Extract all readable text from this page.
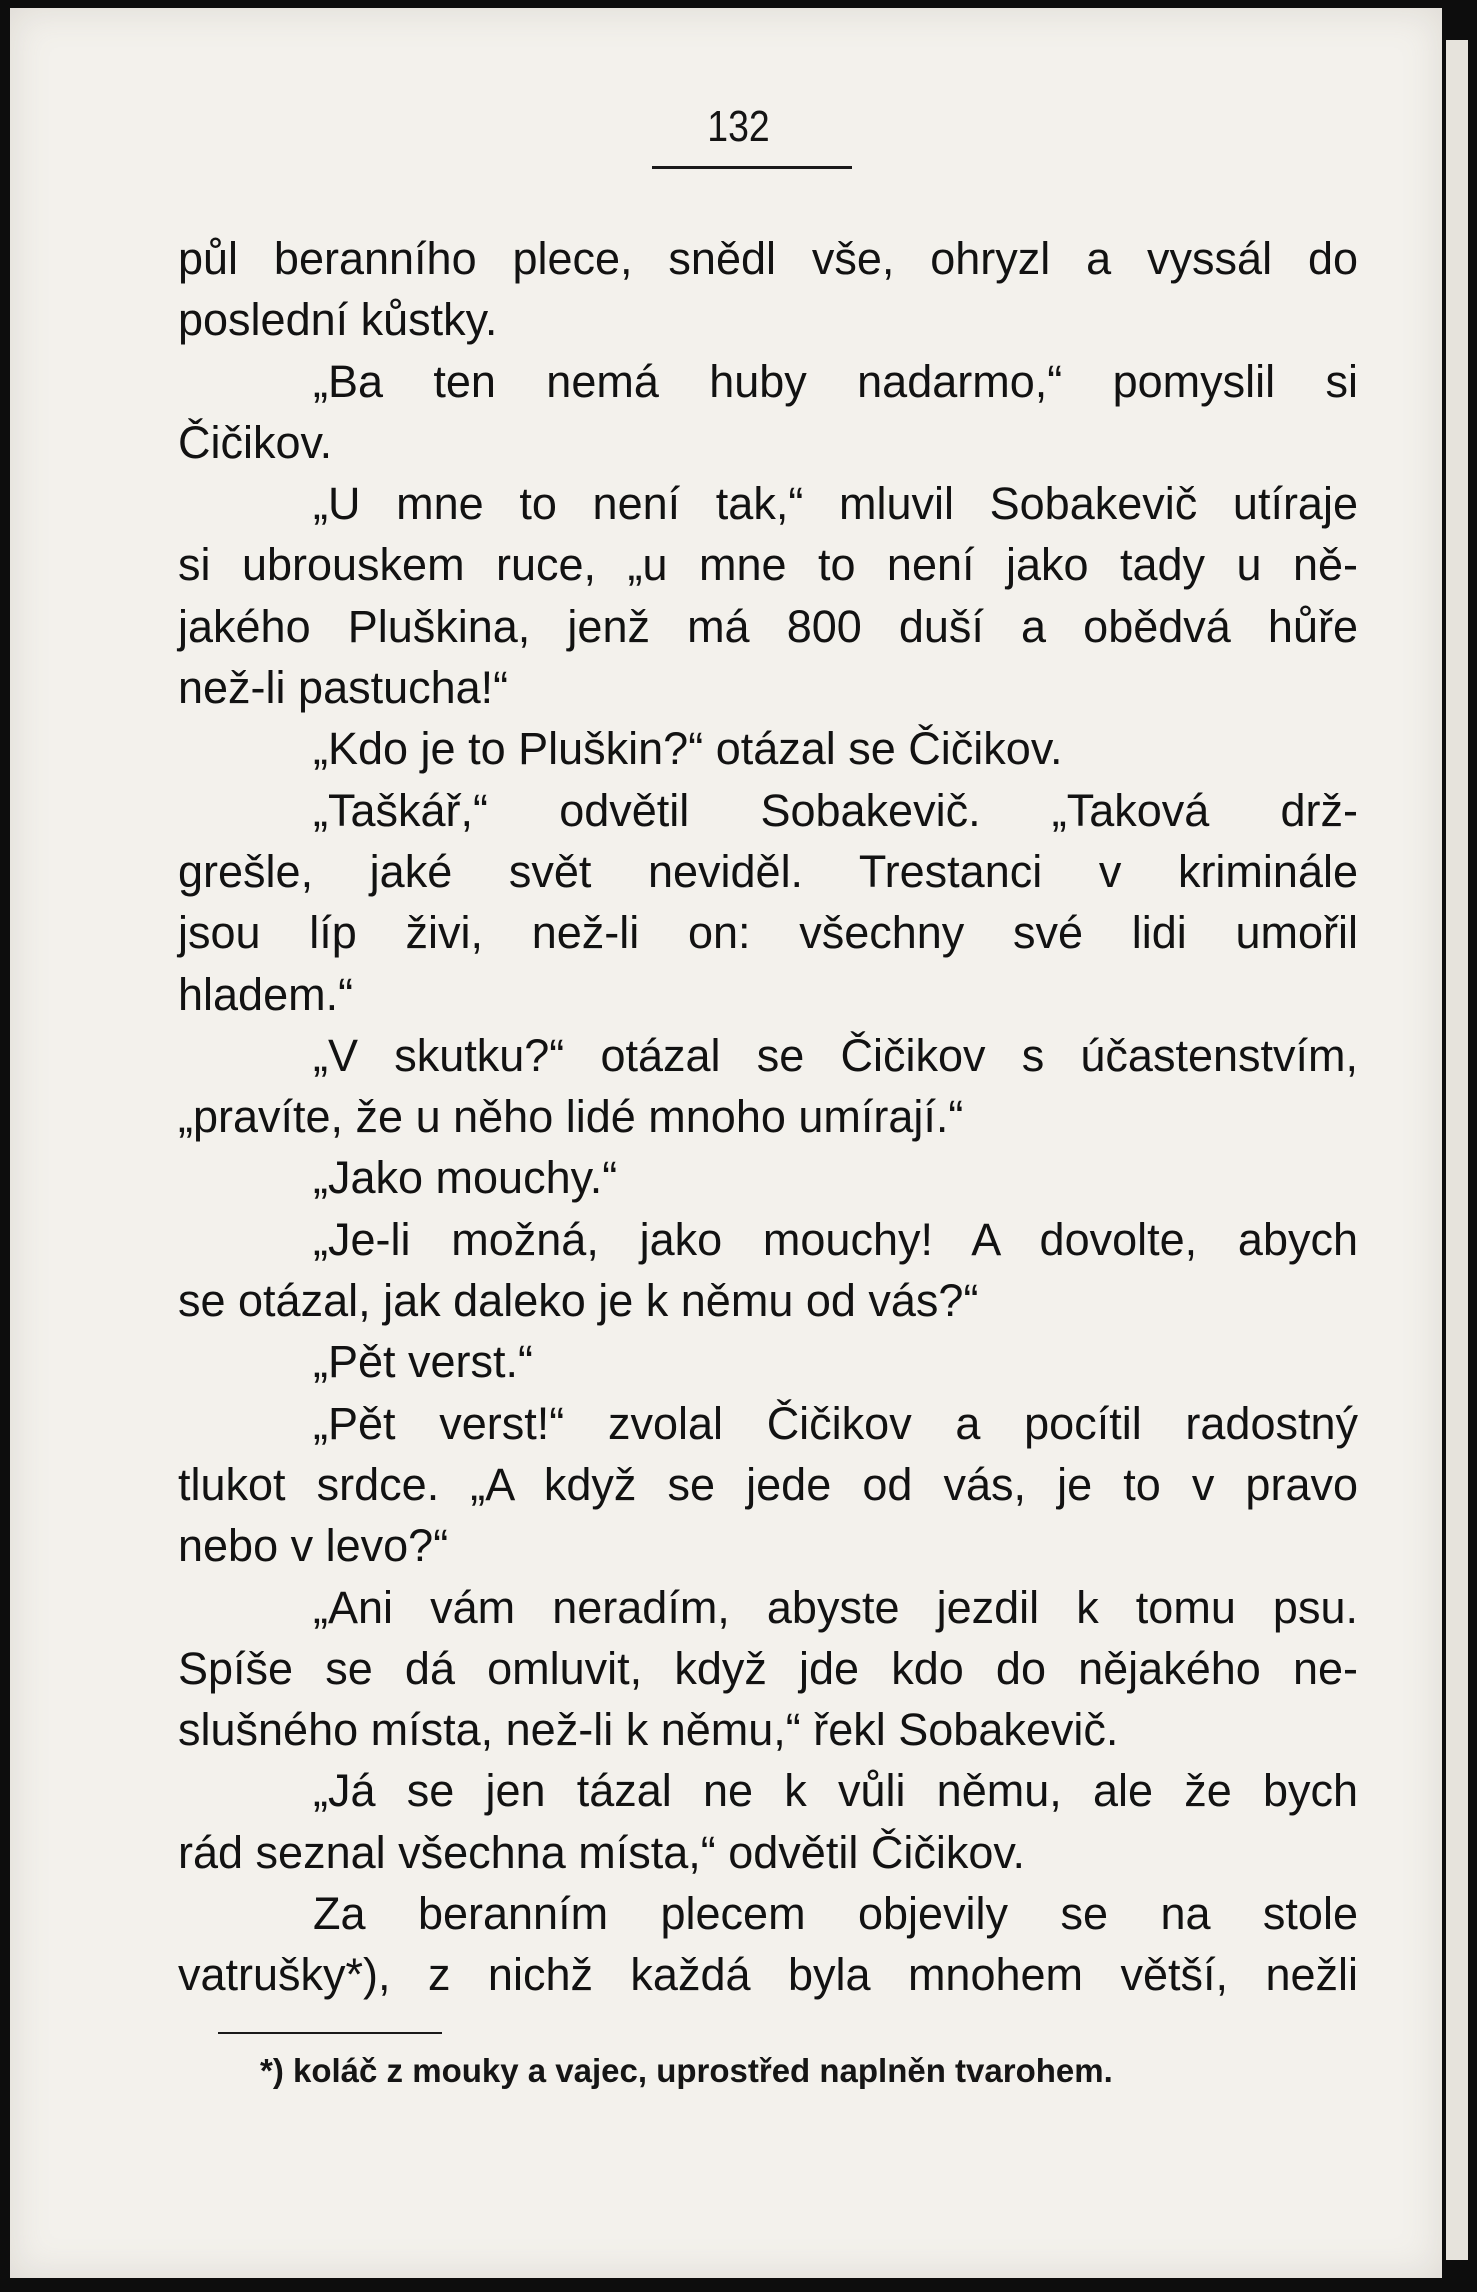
132
půl beranního plece, snědl vše, ohryzl a vyssál do
poslední kůstky.
„Ba ten nemá huby nadarmo,“ pomyslil si
Čičikov.
„U mne to není tak,“ mluvil Sobakevič utíraje
si ubrouskem ruce, „u mne to není jako tady u ně-
jakého Pluškina, jenž má 800 duší a obědvá hůře
než-li pastucha!“
„Kdo je to Pluškin?“ otázal se Čičikov.
„Taškář,“ odvětil Sobakevič. „Taková drž-
grešle, jaké svět neviděl. Trestanci v kriminále
jsou líp živi, než-li on: všechny své lidi umořil
hladem.“
„V skutku?“ otázal se Čičikov s účastenstvím,
„pravíte, že u něho lidé mnoho umírají.“
„Jako mouchy.“
„Je-li možná, jako mouchy! A dovolte, abych
se otázal, jak daleko je k němu od vás?“
„Pět verst.“
„Pět verst!“ zvolal Čičikov a pocítil radostný
tlukot srdce. „A když se jede od vás, je to v pravo
nebo v levo?“
„Ani vám neradím, abyste jezdil k tomu psu.
Spíše se dá omluvit, když jde kdo do nějakého ne-
slušného místa, než-li k němu,“ řekl Sobakevič.
„Já se jen tázal ne k vůli němu, ale že bych
rád seznal všechna místa,“ odvětil Čičikov.
Za beranním plecem objevily se na stole
vatrušky*), z nichž každá byla mnohem větší, nežli
*) koláč z mouky a vajec, uprostřed naplněn tvarohem.
